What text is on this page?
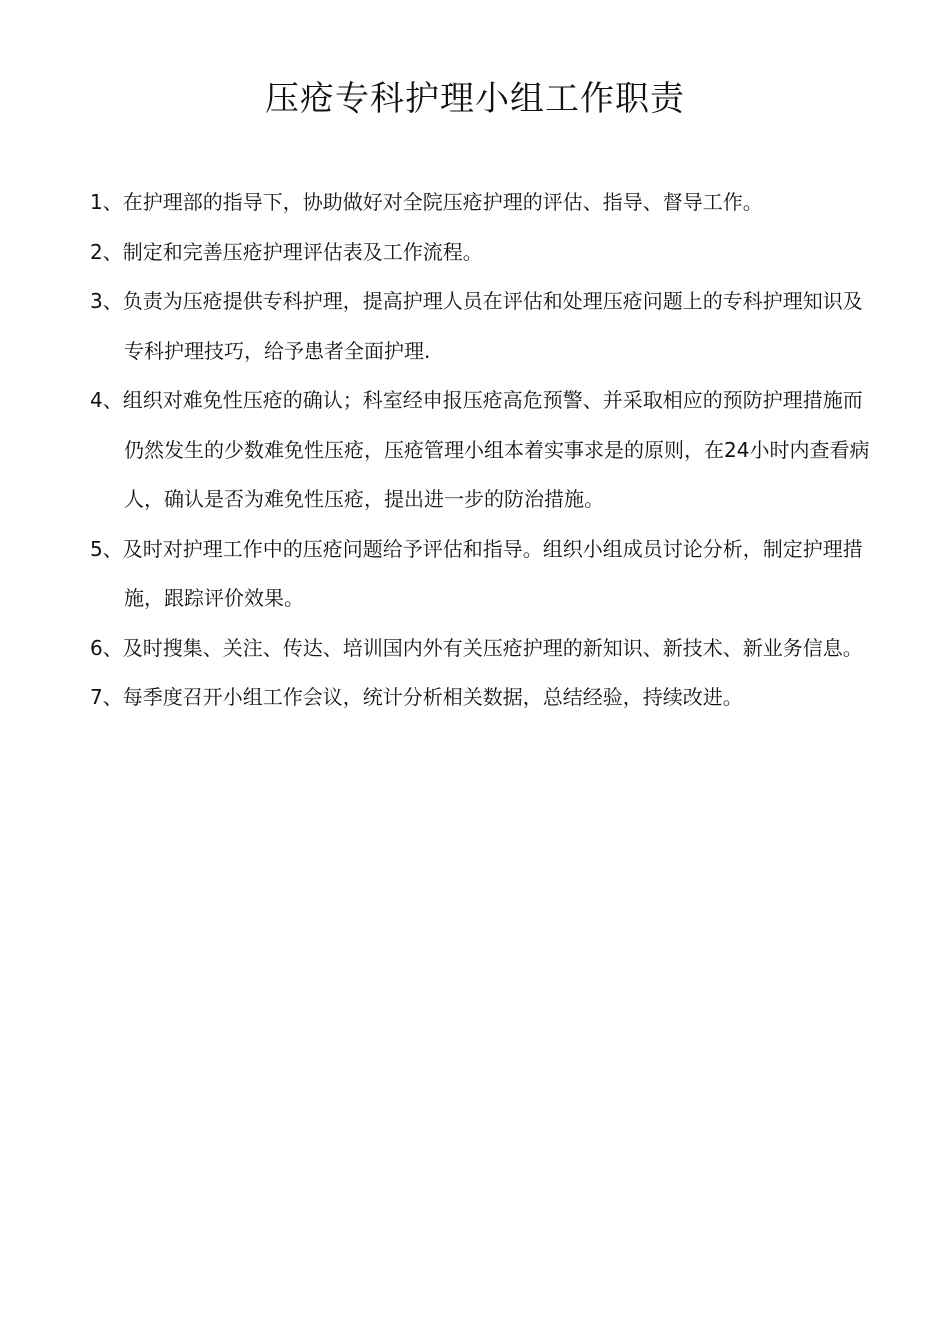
压疮专科护理小组工作职责
1、在护理部的指导下，协助做好对全院压疮护理的评估、指导、督导工作。
2、制定和完善压疮护理评估表及工作流程。
3、负责为压疮提供专科护理，提高护理人员在评估和处理压疮问题上的专科护理知识及专科护理技巧，给予患者全面护理.
4、组织对难免性压疮的确认；科室经申报压疮高危预警、并采取相应的预防护理措施而仍然发生的少数难免性压疮，压疮管理小组本着实事求是的原则，在24小时内查看病人，确认是否为难免性压疮，提出进一步的防治措施。
5、及时对护理工作中的压疮问题给予评估和指导。组织小组成员讨论分析，制定护理措施，跟踪评价效果。
6、及时搜集、关注、传达、培训国内外有关压疮护理的新知识、新技术、新业务信息。
7、每季度召开小组工作会议，统计分析相关数据，总结经验，持续改进。
